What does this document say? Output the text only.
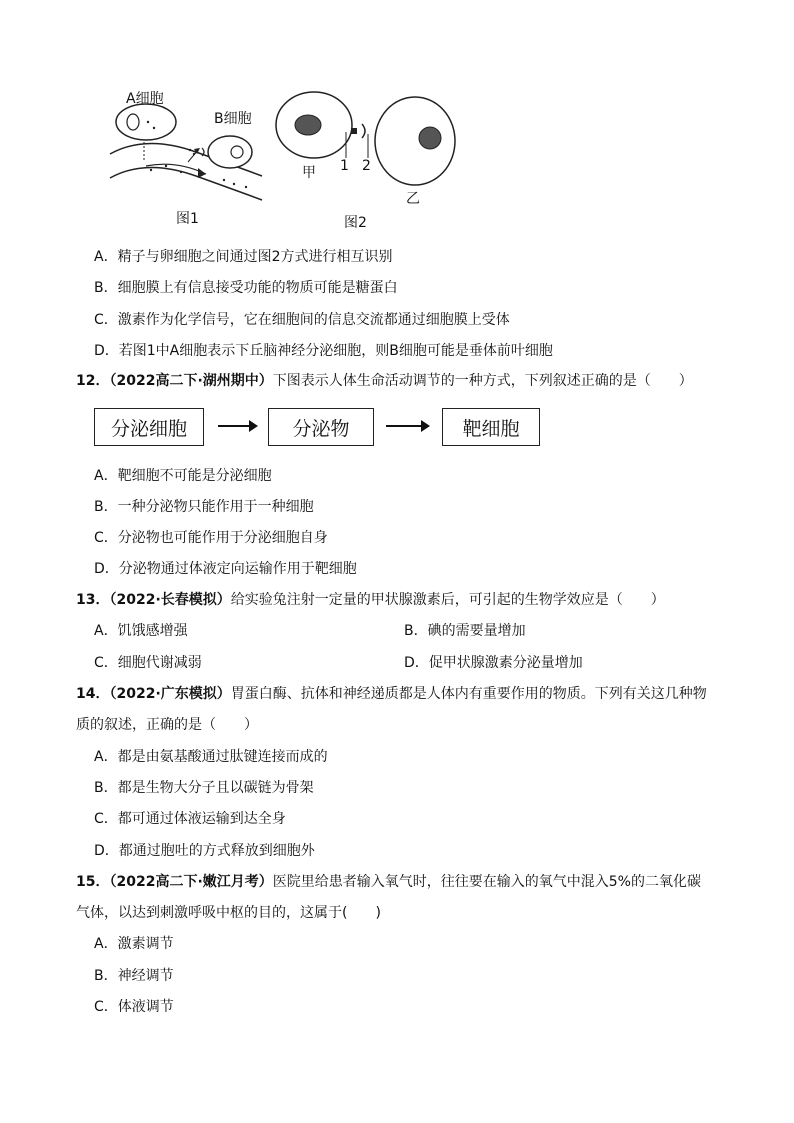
A细胞
B细胞
图1
甲 1 2
乙
图2
A．精子与卵细胞之间通过图2方式进行相互识别
B．细胞膜上有信息接受功能的物质可能是糖蛋白
C．激素作为化学信号，它在细胞间的信息交流都通过细胞膜上受体
D．若图1中A细胞表示下丘脑神经分泌细胞，则B细胞可能是垂体前叶细胞
12．（2022高二下·湖州期中）下图表示人体生命活动调节的一种方式，下列叙述正确的是（　　）
分泌细胞	分泌物	靶细胞
A．靶细胞不可能是分泌细胞
B．一种分泌物只能作用于一种细胞
C．分泌物也可能作用于分泌细胞自身
D．分泌物通过体液定向运输作用于靶细胞
13．（2022·长春模拟）给实验兔注射一定量的甲状腺激素后，可引起的生物学效应是（　　）
A．饥饿感增强	B．碘的需要量增加
C．细胞代谢减弱	D．促甲状腺激素分泌量增加
14．（2022·广东模拟）胃蛋白酶、抗体和神经递质都是人体内有重要作用的物质。下列有关这几种物
质的叙述，正确的是（　　）
A．都是由氨基酸通过肽键连接而成的
B．都是生物大分子且以碳链为骨架
C．都可通过体液运输到达全身
D．都通过胞吐的方式释放到细胞外
15．（2022高二下·嫩江月考）医院里给患者输入氧气时，往往要在输入的氧气中混入5%的二氧化碳
气体，以达到刺激呼吸中枢的目的，这属于(　　)
A．激素调节
B．神经调节
C．体液调节
